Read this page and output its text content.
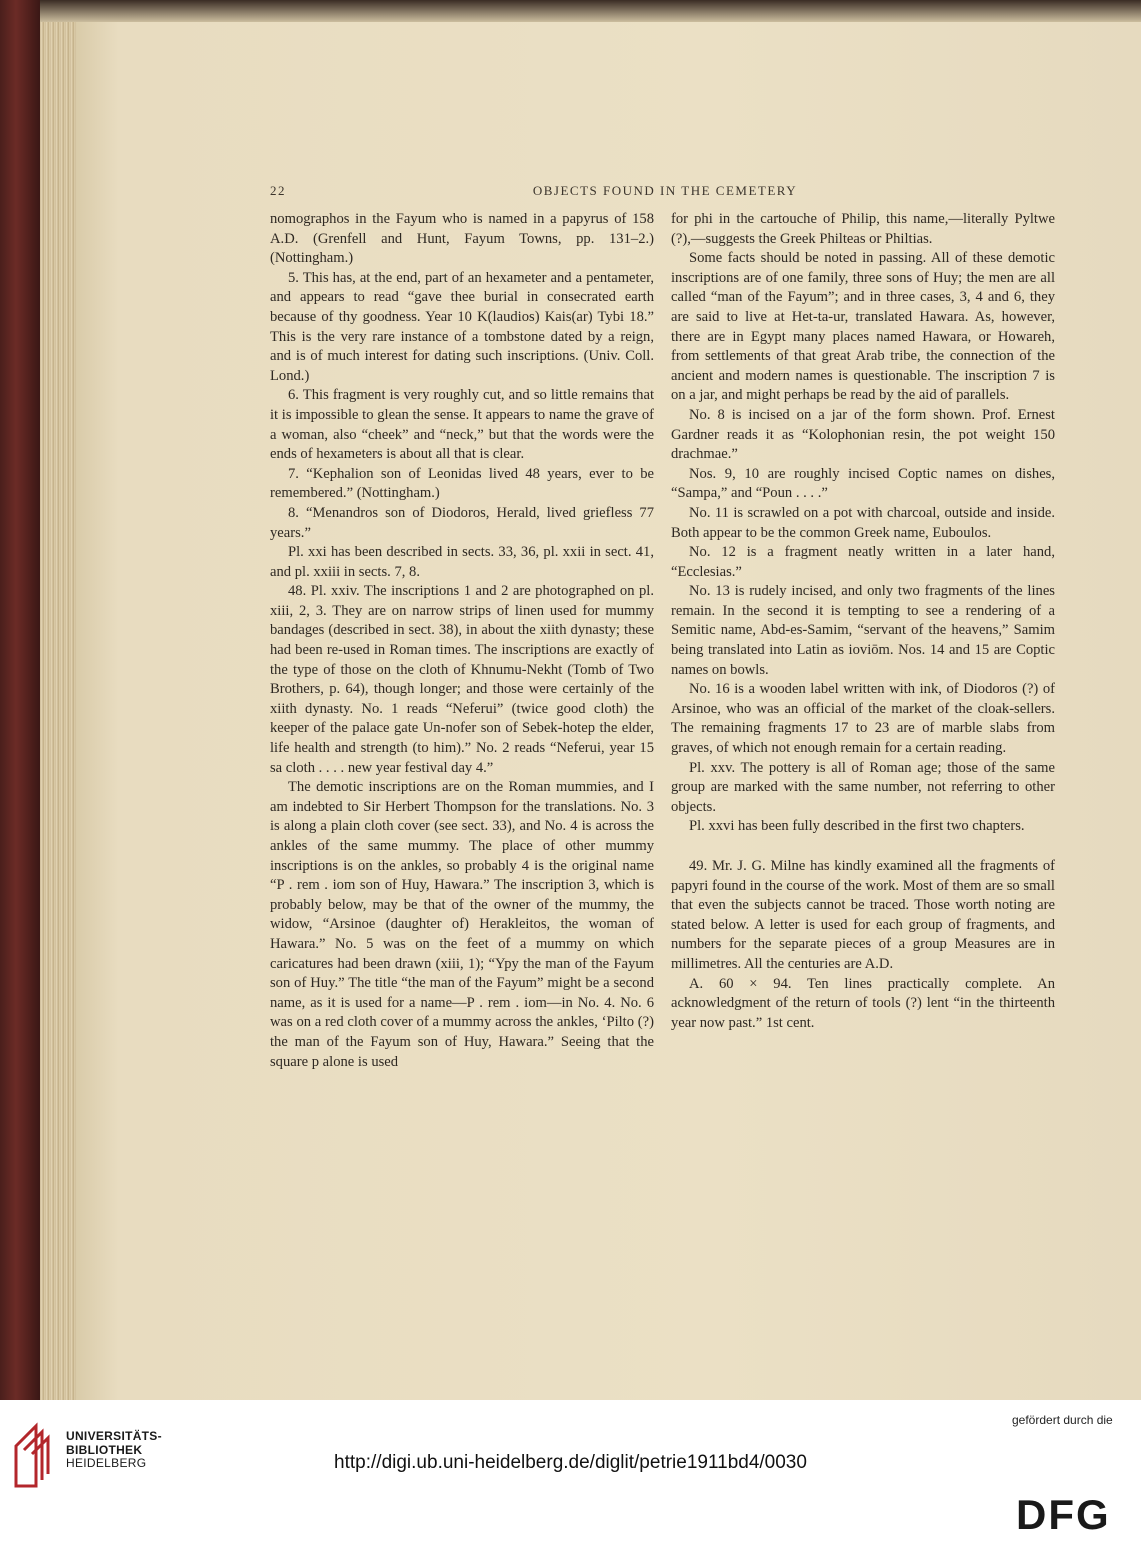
22	OBJECTS FOUND IN THE CEMETERY

nomographos in the Fayum who is named in a papyrus of 158 A.D. (Grenfell and Hunt, Fayum Towns, pp. 131–2.) (Nottingham.)

5. This has, at the end, part of an hexameter and a pentameter, and appears to read “gave thee burial in consecrated earth because of thy goodness. Year 10 K(laudios) Kais(ar) Tybi 18.” This is the very rare instance of a tombstone dated by a reign, and is of much interest for dating such inscriptions. (Univ. Coll. Lond.)

6. This fragment is very roughly cut, and so little remains that it is impossible to glean the sense. It appears to name the grave of a woman, also “cheek” and “neck,” but that the words were the ends of hexameters is about all that is clear.

7. “Kephalion son of Leonidas lived 48 years, ever to be remembered.” (Nottingham.)

8. “Menandros son of Diodoros, Herald, lived griefless 77 years.”

Pl. xxi has been described in sects. 33, 36, pl. xxii in sect. 41, and pl. xxiii in sects. 7, 8.

48. Pl. xxiv. The inscriptions 1 and 2 are photographed on pl. xiii, 2, 3. They are on narrow strips of linen used for mummy bandages (described in sect. 38), in about the xiith dynasty; these had been re-used in Roman times. The inscriptions are exactly of the type of those on the cloth of Khnumu-Nekht (Tomb of Two Brothers, p. 64), though longer; and those were certainly of the xiith dynasty. No. 1 reads “Neferui” (twice good cloth) the keeper of the palace gate Un-nofer son of Sebek-hotep the elder, life health and strength (to him).” No. 2 reads “Neferui, year 15 sa cloth . . . . new year festival day 4.”

The demotic inscriptions are on the Roman mummies, and I am indebted to Sir Herbert Thompson for the translations. No. 3 is along a plain cloth cover (see sect. 33), and No. 4 is across the ankles of the same mummy. The place of other mummy inscriptions is on the ankles, so probably 4 is the original name “P . rem . iom son of Huy, Hawara.” The inscription 3, which is probably below, may be that of the owner of the mummy, the widow, “Arsinoe (daughter of) Herakleitos, the woman of Hawara.” No. 5 was on the feet of a mummy on which caricatures had been drawn (xiii, 1); “Ypy the man of the Fayum son of Huy.” The title “the man of the Fayum” might be a second name, as it is used for a name—P . rem . iom—in No. 4. No. 6 was on a red cloth cover of a mummy across the ankles, ‘Pilto (?) the man of the Fayum son of Huy, Hawara.” Seeing that the square p alone is used

for phi in the cartouche of Philip, this name,—literally Pyltwe (?),—suggests the Greek Philteas or Philtias.

Some facts should be noted in passing. All of these demotic inscriptions are of one family, three sons of Huy; the men are all called “man of the Fayum”; and in three cases, 3, 4 and 6, they are said to live at Het-ta-ur, translated Hawara. As, however, there are in Egypt many places named Hawara, or Howareh, from settlements of that great Arab tribe, the connection of the ancient and modern names is questionable. The inscription 7 is on a jar, and might perhaps be read by the aid of parallels.

No. 8 is incised on a jar of the form shown. Prof. Ernest Gardner reads it as “Kolophonian resin, the pot weight 150 drachmae.”

Nos. 9, 10 are roughly incised Coptic names on dishes, “Sampa,” and “Poun . . . .”

No. 11 is scrawled on a pot with charcoal, outside and inside. Both appear to be the common Greek name, Euboulos.

No. 12 is a fragment neatly written in a later hand, “Ecclesias.”

No. 13 is rudely incised, and only two fragments of the lines remain. In the second it is tempting to see a rendering of a Semitic name, Abd-es-Samim, “servant of the heavens,” Samim being translated into Latin as ioviōm. Nos. 14 and 15 are Coptic names on bowls.

No. 16 is a wooden label written with ink, of Diodoros (?) of Arsinoe, who was an official of the market of the cloak-sellers. The remaining fragments 17 to 23 are of marble slabs from graves, of which not enough remain for a certain reading.

Pl. xxv. The pottery is all of Roman age; those of the same group are marked with the same number, not referring to other objects.

Pl. xxvi has been fully described in the first two chapters.

49. Mr. J. G. Milne has kindly examined all the fragments of papyri found in the course of the work. Most of them are so small that even the subjects cannot be traced. Those worth noting are stated below. A letter is used for each group of fragments, and numbers for the separate pieces of a group Measures are in millimetres. All the centuries are A.D.

A. 60 × 94. Ten lines practically complete. An acknowledgment of the return of tools (?) lent “in the thirteenth year now past.” 1st cent.

UNIVERSITÄTS-
BIBLIOTHEK
HEIDELBERG	http://digi.ub.uni-heidelberg.de/diglit/petrie1911bd4/0030
gefördert durch die
DFG
